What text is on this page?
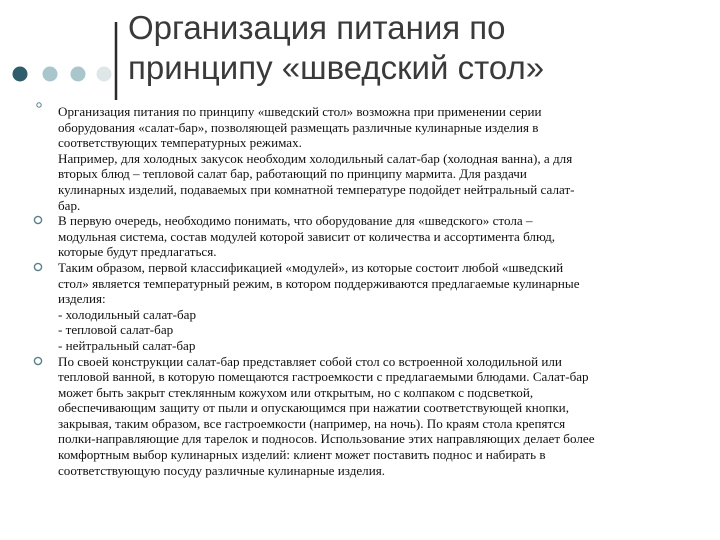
Организация питания по
принципу «шведский стол»
Организация питания по принципу «шведский стол» возможна при применении серии
оборудования «салат-бар», позволяющей размещать различные кулинарные изделия в
соответствующих температурных режимах.
Например, для холодных закусок необходим холодильный салат-бар (холодная ванна), а для
вторых блюд – тепловой салат бар, работающий по принципу мармита. Для раздачи
кулинарных изделий, подаваемых при комнатной температуре подойдет нейтральный салат-
бар.
В первую очередь, необходимо понимать, что оборудование для «шведского» стола –
модульная система, состав модулей которой зависит от количества и ассортимента блюд,
которые будут предлагаться.
Таким образом, первой классификацией «модулей», из которые состоит любой «шведский
стол» является температурный режим, в котором поддерживаются предлагаемые кулинарные
изделия:
- холодильный салат-бар
- тепловой салат-бар
- нейтральный салат-бар
По своей конструкции салат-бар представляет собой стол со встроенной холодильной или
тепловой ванной, в которую помещаются гастроемкости с предлагаемыми блюдами. Салат-бар
может быть закрыт стеклянным кожухом или открытым, но с колпаком с подсветкой,
обеспечивающим защиту от пыли и опускающимся при нажатии соответствующей кнопки,
закрывая, таким образом, все гастроемкости (например, на ночь). По краям стола крепятся
полки-направляющие для тарелок и подносов. Использование этих направляющих делает более
комфортным выбор кулинарных изделий: клиент может поставить поднос и набирать в
соответствующую посуду различные кулинарные изделия.
